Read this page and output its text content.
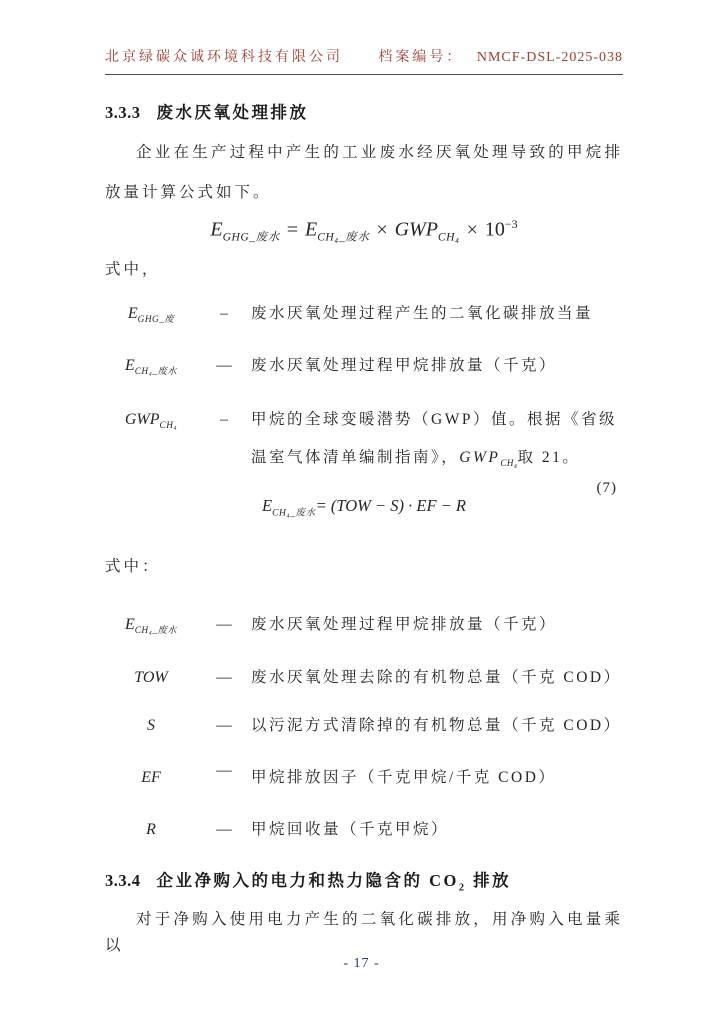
北京绿碳众诚环境科技有限公司	档案编号： NMCF-DSL-2025-038
3.3.3 废水厌氧处理排放
企业在生产过程中产生的工业废水经厌氧处理导致的甲烷排放量计算公式如下。
$E_{GHG\_废水} = E_{CH_4\_废水} \times GWP_{CH_4} \times 10^{-3}$
式中，
$E_{GHG\_废}$	–	废水厌氧处理过程产生的二氧化碳排放当量
$E_{CH_4\_废水}$	—	废水厌氧处理过程甲烷排放量（千克）
$GWP_{CH_4}$	–	甲烷的全球变暖潜势（GWP）值。根据《省级
温室气体清单编制指南》，$GWP_{CH_4}$取 21。
(7)
$E_{CH_4\_废水}= (TOW - S)$ · EF − R
式中：
$E_{CH_4\_废水}$	—	废水厌氧处理过程甲烷排放量（千克）
TOW	—	废水厌氧处理去除的有机物总量（千克 COD）
S	—	以污泥方式清除掉的有机物总量（千克 COD）
EF	—	甲烷排放因子（千克甲烷/千克 COD）
R	—	甲烷回收量（千克甲烷）
3.3.4 企业净购入的电力和热力隐含的 $CO_2$ 排放
对于净购入使用电力产生的二氧化碳排放，用净购入电量乘以
- 17 -
